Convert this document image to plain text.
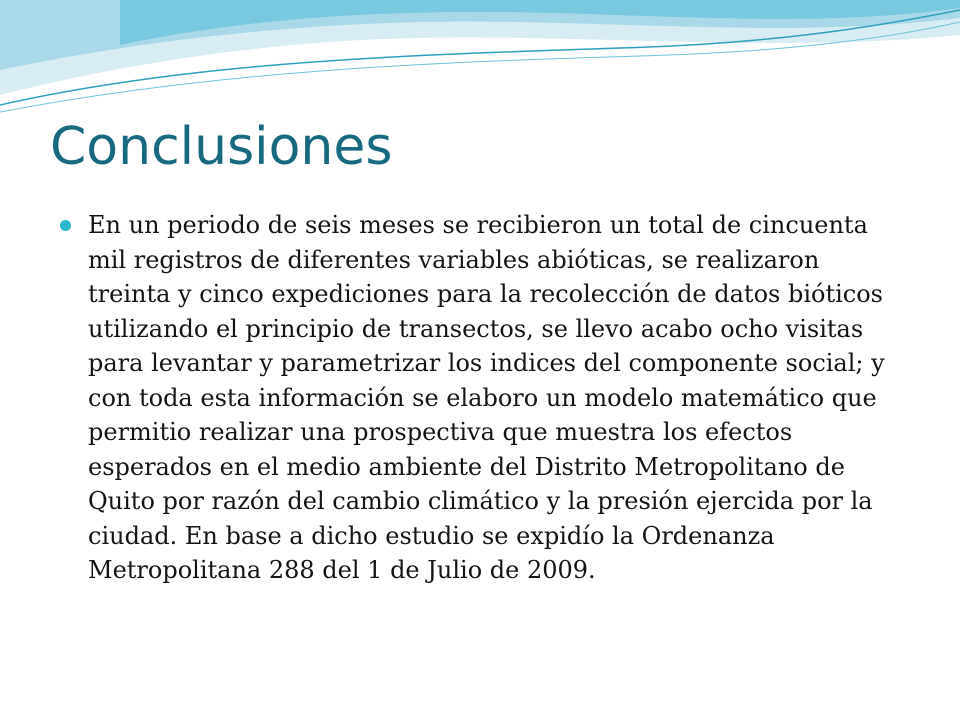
Conclusiones
En un periodo de seis meses se recibieron un total de cincuenta mil registros de diferentes variables abióticas, se realizaron treinta y cinco expediciones para la recolección de datos bióticos utilizando el principio de transectos, se llevo acabo ocho visitas para levantar y parametrizar los indices del componente social; y con toda esta información se elaboro un modelo matemático que permitio realizar una prospectiva que muestra los efectos esperados en el medio ambiente del Distrito Metropolitano de Quito por razón del cambio climático y la presión ejercida por la ciudad. En base a dicho estudio se expidío la Ordenanza Metropolitana 288 del 1 de Julio de 2009.
